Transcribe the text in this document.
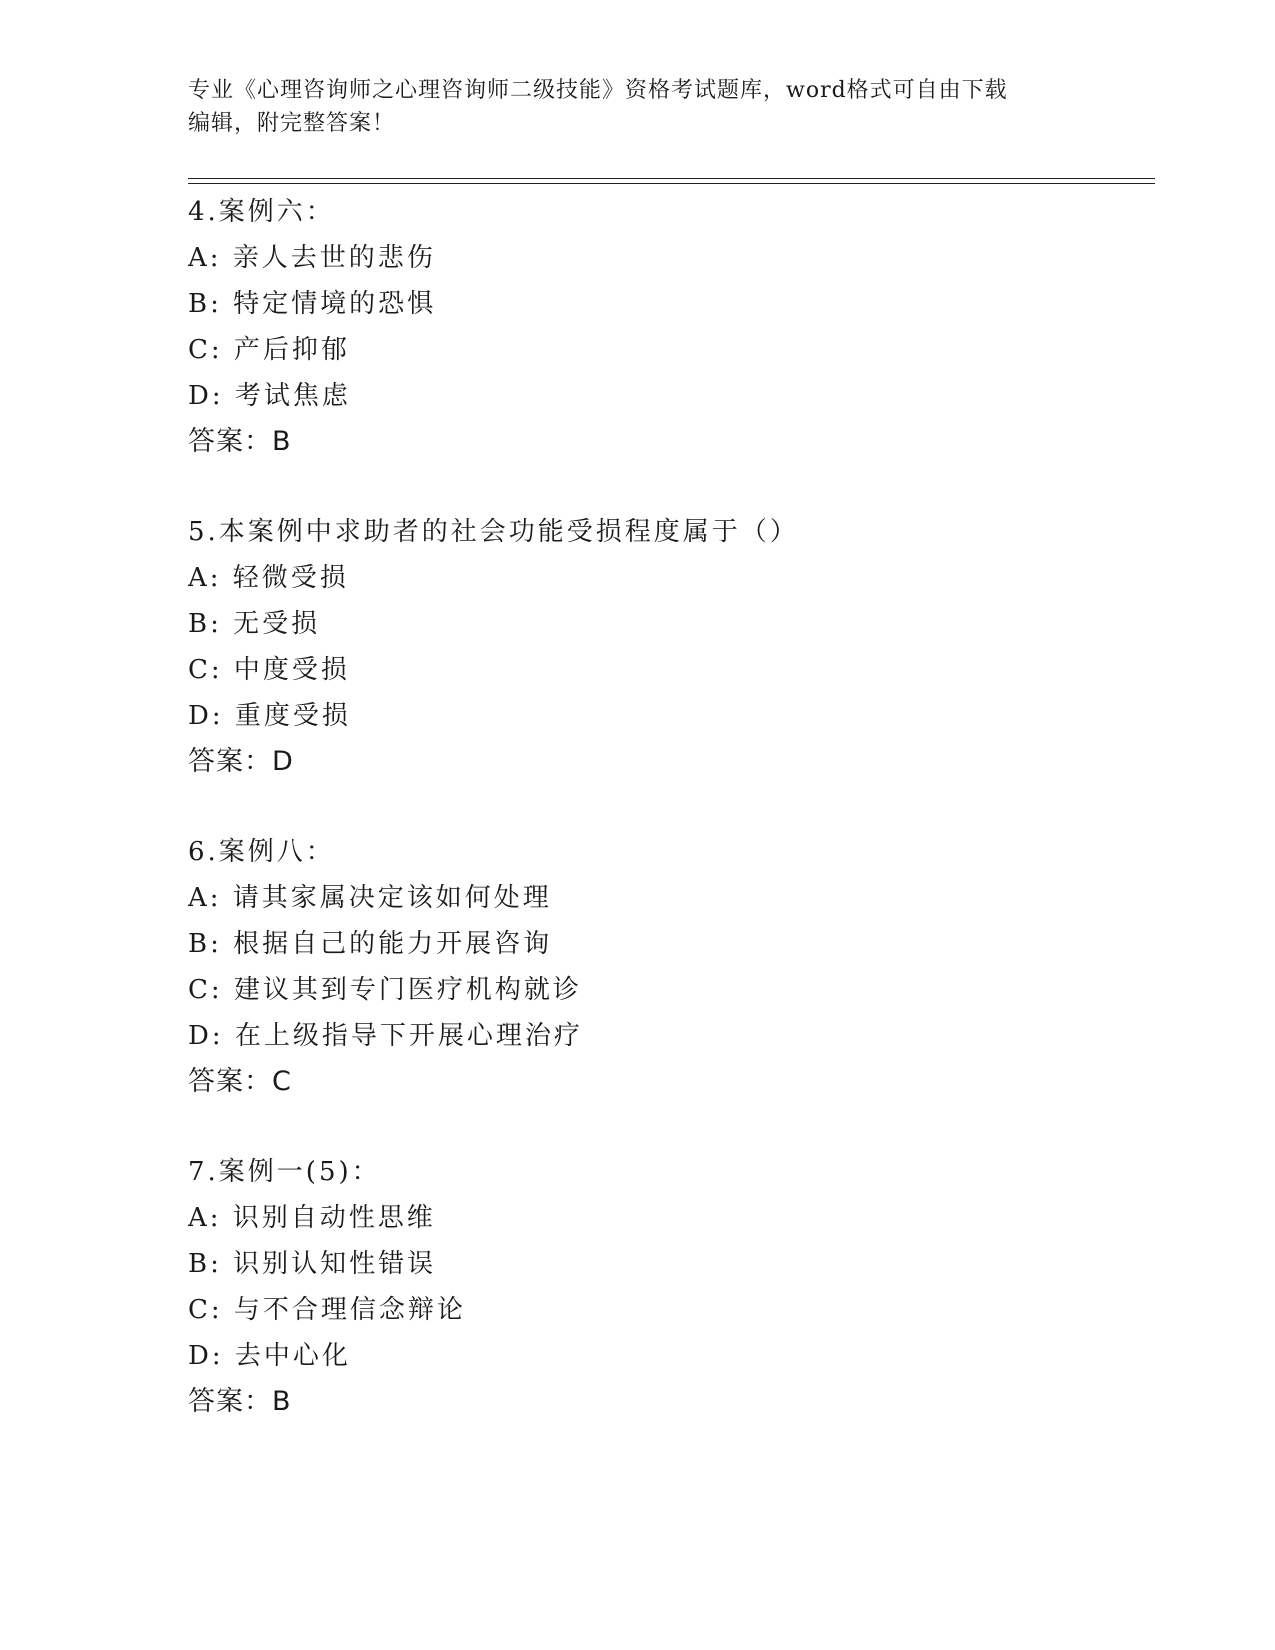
专业《心理咨询师之心理咨询师二级技能》资格考试题库，word格式可自由下载
编辑，附完整答案！
4.案例六：
A: 亲人去世的悲伤
B: 特定情境的恐惧
C: 产后抑郁
D: 考试焦虑
答案：B
5.本案例中求助者的社会功能受损程度属于（）
A: 轻微受损
B: 无受损
C: 中度受损
D: 重度受损
答案：D
6.案例八：
A: 请其家属决定该如何处理
B: 根据自己的能力开展咨询
C: 建议其到专门医疗机构就诊
D: 在上级指导下开展心理治疗
答案：C
7.案例一(5)：
A: 识别自动性思维
B: 识别认知性错误
C: 与不合理信念辩论
D: 去中心化
答案：B
